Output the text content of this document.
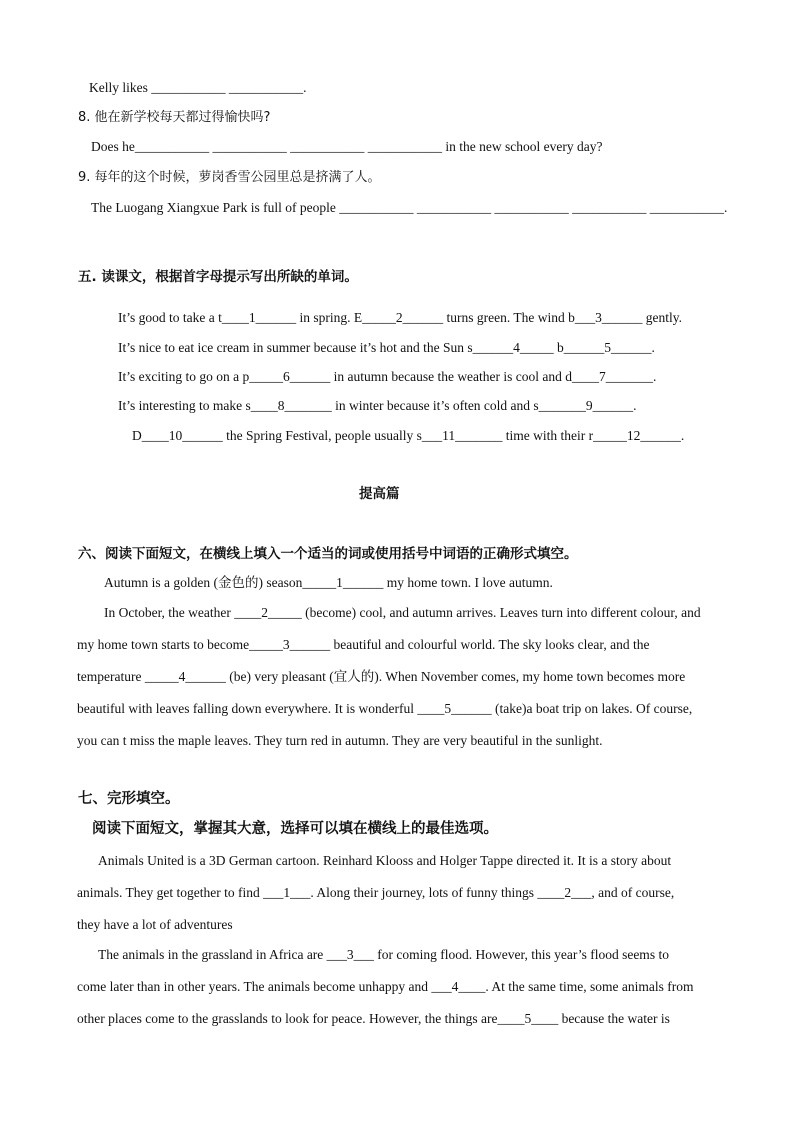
Kelly likes ___________ ___________.
8. 他在新学校每天都过得愉快吗?
Does he___________ ___________ ___________ ___________ in the new school every day?
9. 每年的这个时候，萝岗香雪公园里总是挤满了人。
The Luogang Xiangxue Park is full of people ___________ ___________ ___________ ___________ ___________.
五. 读课文，根据首字母提示写出所缺的单词。
It’s good to take a t____1______ in spring. E_____2______ turns green. The wind b___3______ gently.
It’s nice to eat ice cream in summer because it’s hot and the Sun s______4_____ b______5______.
It’s exciting to go on a p_____6______ in autumn because the weather is cool and d____7_______.
It’s interesting to make s____8_______ in winter because it’s often cold and s_______9______.
D____10______ the Spring Festival, people usually s___11_______ time with their r_____12______.
提高篇
六、阅读下面短文，在横线上填入一个适当的词或使用括号中词语的正确形式填空。
Autumn is a golden (金色的) season_____1______ my home town. I love autumn.
In October, the weather ____2_____ (become) cool, and autumn arrives. Leaves turn into different colour, and
my home town starts to become_____3______ beautiful and colourful world. The sky looks clear, and the
temperature _____4______ (be) very pleasant (宜人的). When November comes, my home town becomes more
beautiful with leaves falling down everywhere. It is wonderful ____5______ (take)a boat trip on lakes. Of course,
you can t miss the maple leaves. They turn red in autumn. They are very beautiful in the sunlight.
七、完形填空。
阅读下面短文，掌握其大意，选择可以填在横线上的最佳选项。
Animals United is a 3D German cartoon. Reinhard Klooss and Holger Tappe directed it. It is a story about
animals. They get together to find ___1___. Along their journey, lots of funny things ____2___, and of course,
they have a lot of adventures
The animals in the grassland in Africa are ___3___ for coming flood. However, this year’s flood seems to
come later than in other years. The animals become unhappy and ___4____. At the same time, some animals from
other places come to the grasslands to look for peace. However, the things are____5____ because the water is
